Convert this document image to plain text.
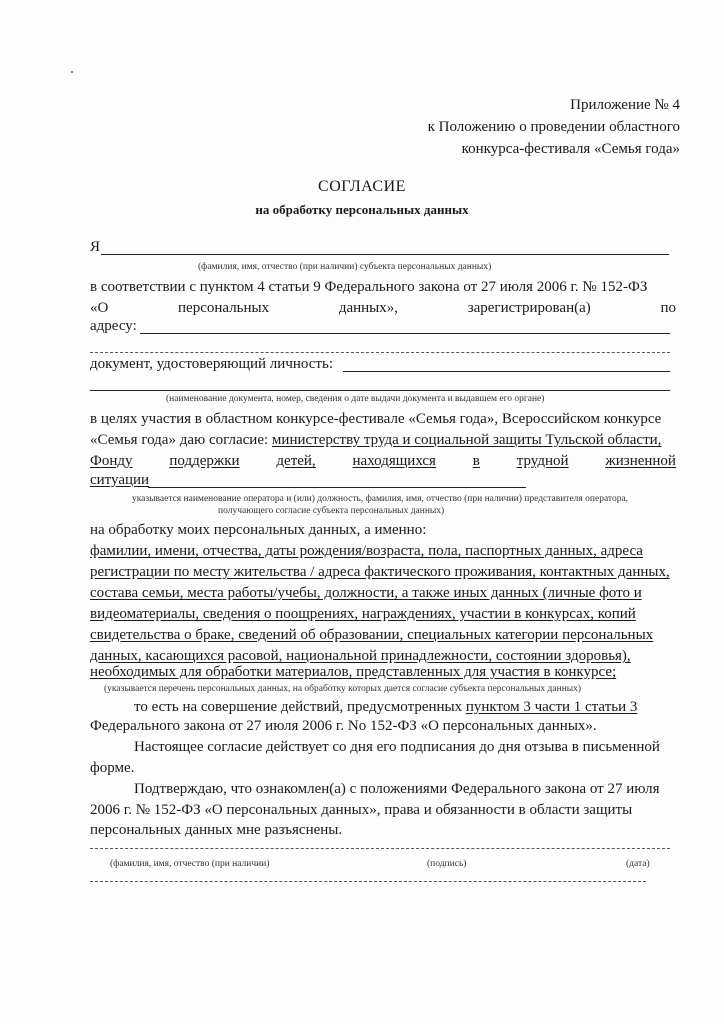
Приложение № 4
к Положению о проведении областного
конкурса-фестиваля «Семья года»
СОГЛАСИЕ
на обработку персональных данных
Я
(фамилия, имя, отчество (при наличии) субъекта персональных данных)
в соответствии с пунктом 4 статьи 9 Федерального закона от 27 июля 2006 г. № 152-ФЗ
«О	персональных	данных»,	зарегистрирован(а)	по
адресу:
документ, удостоверяющий личность:
(наименование документа, номер, сведения о дате выдачи документа и выдавшем его органе)
в целях участия в областном конкурсе-фестивале «Семья года», Всероссийском конкурсе
«Семья года» даю согласие: министерству труда и социальной защиты Тульской области,
Фонду поддержки детей, находящихся в трудной жизненной
ситуации
указывается наименование оператора и (или) должность, фамилия, имя, отчество (при наличии) представителя оператора,
получающего согласие субъекта персональных данных)
на обработку моих персональных данных, а именно:
фамилии, имени, отчества, даты рождения/возраста, пола, паспортных данных, адреса
регистрации по месту жительства / адреса фактического проживания, контактных данных,
состава семьи, места работы/учебы, должности, а также иных данных (личные фото и
видеоматериалы, сведения о поощрениях, награждениях, участии в конкурсах, копий
свидетельства о браке, сведений об образовании, специальных категории персональных
данных, касающихся расовой, национальной принадлежности, состоянии здоровья),
необходимых для обработки материалов, представленных для участия в конкурсе;
(указывается перечень персональных данных, на обработку которых дается согласие субъекта персональных данных)
то есть на совершение действий, предусмотренных пунктом 3 части 1 статьи 3
Федерального закона от 27 июля 2006 г. No 152-ФЗ «О персональных данных».
Настоящее согласие действует со дня его подписания до дня отзыва в письменной
форме.
Подтверждаю, что ознакомлен(а) с положениями Федерального закона от 27 июля
2006 г. № 152-ФЗ «О персональных данных», права и обязанности в области защиты
персональных данных мне разъяснены.
(фамилия, имя, отчество (при наличии)	(подпись)	(дата)
